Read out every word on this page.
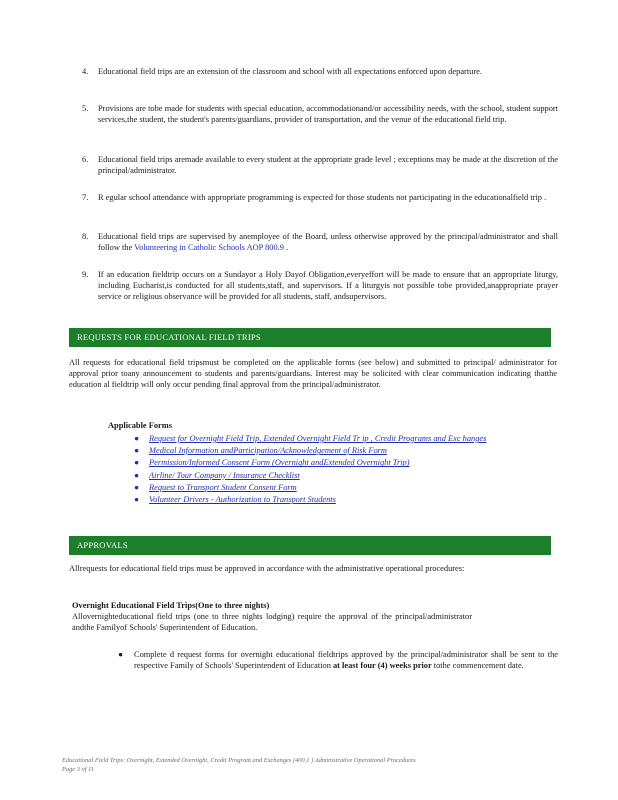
4.	Educational field trips are an extension of the classroom and school with all expectations enforced upon departure.
5.	Provisions are tobe made for students with special education, accommodationand/or accessibility needs, with the school, student support services,the student, the student's parents/guardians, provider of transportation, and the venue of the educational field trip.
6.	Educational field trips aremade available to every student at the appropriate grade level ; exceptions may be made at the discretion of the principal/administrator.
7.	R egular school attendance with appropriate programming is expected for those students not participating in the educationalfield trip .
8.	Educational field trips are supervised by anemployee of the Board, unless otherwise approved by the principal/administrator and shall follow the Volunteering in Catholic Schools AOP 800.9 .
9.	If an education fieldtrip occurs on a Sundayor a Holy Dayof Obligation,everyeffort will be made to ensure that an appropriate liturgy, including Eucharist,is conducted for all students,staff, and supervisors. If a liturgyis not possible tobe provided,anappropriate prayer service or religious observance will be provided for all students, staff, andsupervisors.
REQUESTS FOR EDUCATIONAL FIELD TRIPS
All requests for educational field tripsmust be completed on the applicable forms (see below) and submitted to principal/ administrator for approval prior toany announcement to students and parents/guardians. Interest may be solicited with clear communication indicating thatthe education al fieldtrip will only occur pending final approval from the principal/administrator.
Applicable Forms
● Request for Overnight Field Trip, Extended Overnight Field Tr ip , Credit Programs and Exc hanges
● Medical Information andParticipation/Acknowledgement of Risk Form
● Permission/Informed Consent Form (Overnight andExtended Overnight Trip)
● Airline/ Tour Company / Insurance Checklist
● Request to Transport Student Consent Form
● Volunteer Drivers - Authorization to Transport Students
APPROVALS
Allrequests for educational field trips must be approved in accordance with the administrative operational procedures:
Overnight Educational Field Trips(One to three nights)
Allovernighteducational field trips (one to three nights lodging) require the approval of the principal/administrator andthe Familyof Schools' Superintendent of Education.
● Complete d request forms for overnight educational fieldtrips approved by the principal/administrator shall be sent to the respective Family of Schools' Superintendent of Education at least four (4) weeks prior tothe commencement date.
Educational Field Trips: Overnight, Extended Overnight, Credit Program and Exchanges (400.1 ) Administrative Operational Procedures
Page 3 of 11
